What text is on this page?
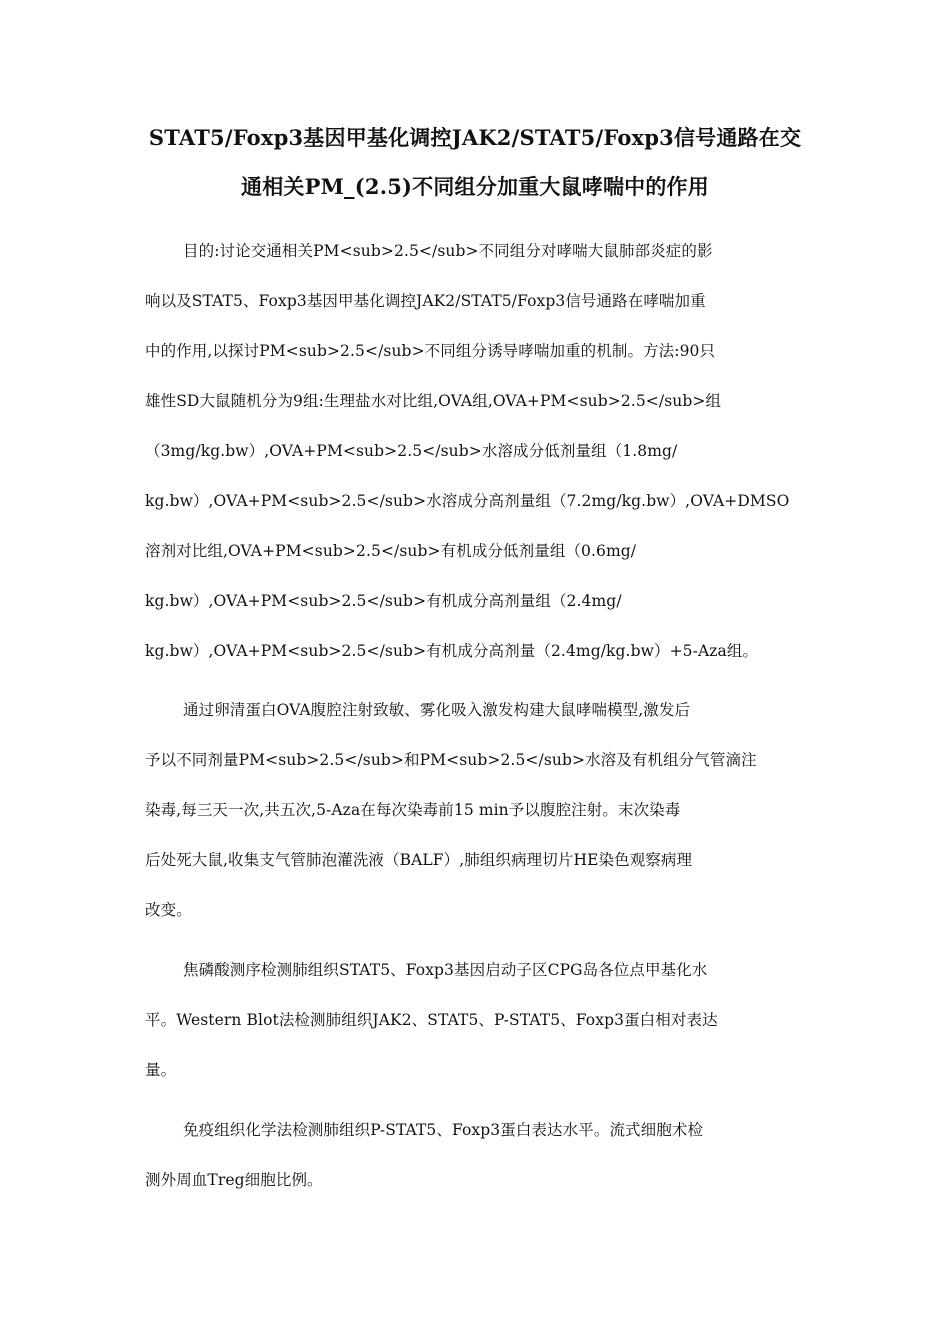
STAT5/Foxp3基因甲基化调控JAK2/STAT5/Foxp3信号通路在交
通相关PM_(2.5)不同组分加重大鼠哮喘中的作用
目的:讨论交通相关PM<sub>2.5</sub>不同组分对哮喘大鼠肺部炎症的影
响以及STAT5、Foxp3基因甲基化调控JAK2/STAT5/Foxp3信号通路在哮喘加重
中的作用,以探讨PM<sub>2.5</sub>不同组分诱导哮喘加重的机制。方法:90只
雄性SD大鼠随机分为9组:生理盐水对比组,OVA组,OVA+PM<sub>2.5</sub>组
（3mg/kg.bw）,OVA+PM<sub>2.5</sub>水溶成分低剂量组（1.8mg/
kg.bw）,OVA+PM<sub>2.5</sub>水溶成分高剂量组（7.2mg/kg.bw）,OVA+DMSO
溶剂对比组,OVA+PM<sub>2.5</sub>有机成分低剂量组（0.6mg/
kg.bw）,OVA+PM<sub>2.5</sub>有机成分高剂量组（2.4mg/
kg.bw）,OVA+PM<sub>2.5</sub>有机成分高剂量（2.4mg/kg.bw）+5-Aza组。
通过卵清蛋白OVA腹腔注射致敏、雾化吸入激发构建大鼠哮喘模型,激发后
予以不同剂量PM<sub>2.5</sub>和PM<sub>2.5</sub>水溶及有机组分气管滴注
染毒,每三天一次,共五次,5-Aza在每次染毒前15 min予以腹腔注射。末次染毒
后处死大鼠,收集支气管肺泡灌洗液（BALF）,肺组织病理切片HE染色观察病理
改变。
焦磷酸测序检测肺组织STAT5、Foxp3基因启动子区CPG岛各位点甲基化水
平。Western Blot法检测肺组织JAK2、STAT5、P-STAT5、Foxp3蛋白相对表达
量。
免疫组织化学法检测肺组织P-STAT5、Foxp3蛋白表达水平。流式细胞术检
测外周血Treg细胞比例。
